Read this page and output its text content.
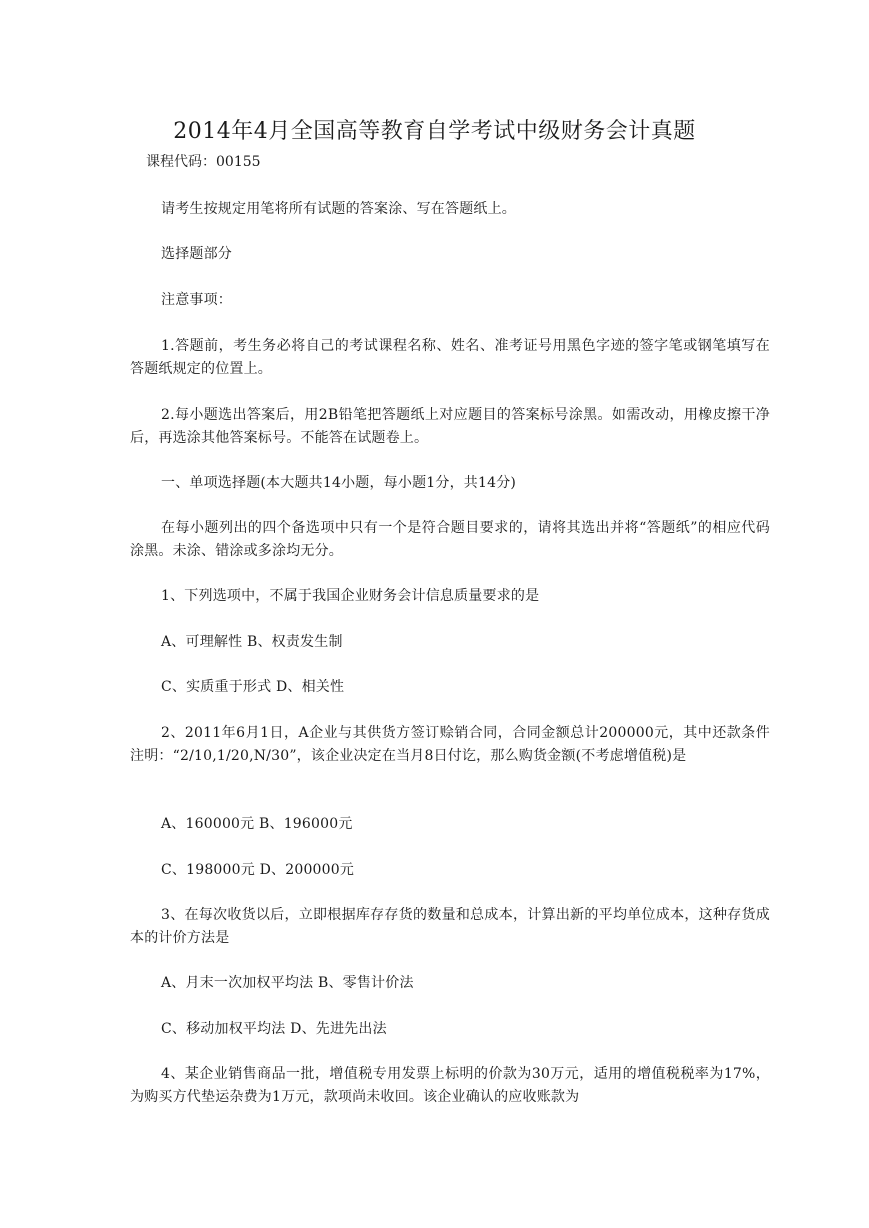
2014年4月全国高等教育自学考试中级财务会计真题

课程代码：00155

请考生按规定用笔将所有试题的答案涂、写在答题纸上。

选择题部分

注意事项：

1.答题前，考生务必将自己的考试课程名称、姓名、准考证号用黑色字迹的签字笔或钢笔填写在答题纸规定的位置上。

2.每小题选出答案后，用2B铅笔把答题纸上对应题目的答案标号涂黑。如需改动，用橡皮擦干净后，再选涂其他答案标号。不能答在试题卷上。

一、单项选择题(本大题共14小题，每小题1分，共14分)

在每小题列出的四个备选项中只有一个是符合题目要求的，请将其选出并将“答题纸”的相应代码涂黑。未涂、错涂或多涂均无分。

1、下列选项中，不属于我国企业财务会计信息质量要求的是

A、可理解性 B、权责发生制

C、实质重于形式 D、相关性

2、2011年6月1日，A企业与其供货方签订赊销合同，合同金额总计200000元，其中还款条件注明：“2/10,1/20,N/30”，该企业决定在当月8日付讫，那么购货金额(不考虑增值税)是

A、160000元 B、196000元

C、198000元 D、200000元

3、在每次收货以后，立即根据库存存货的数量和总成本，计算出新的平均单位成本，这种存货成本的计价方法是

A、月末一次加权平均法 B、零售计价法

C、移动加权平均法 D、先进先出法

4、某企业销售商品一批，增值税专用发票上标明的价款为30万元，适用的增值税税率为17%，为购买方代垫运杂费为1万元，款项尚未收回。该企业确认的应收账款为
